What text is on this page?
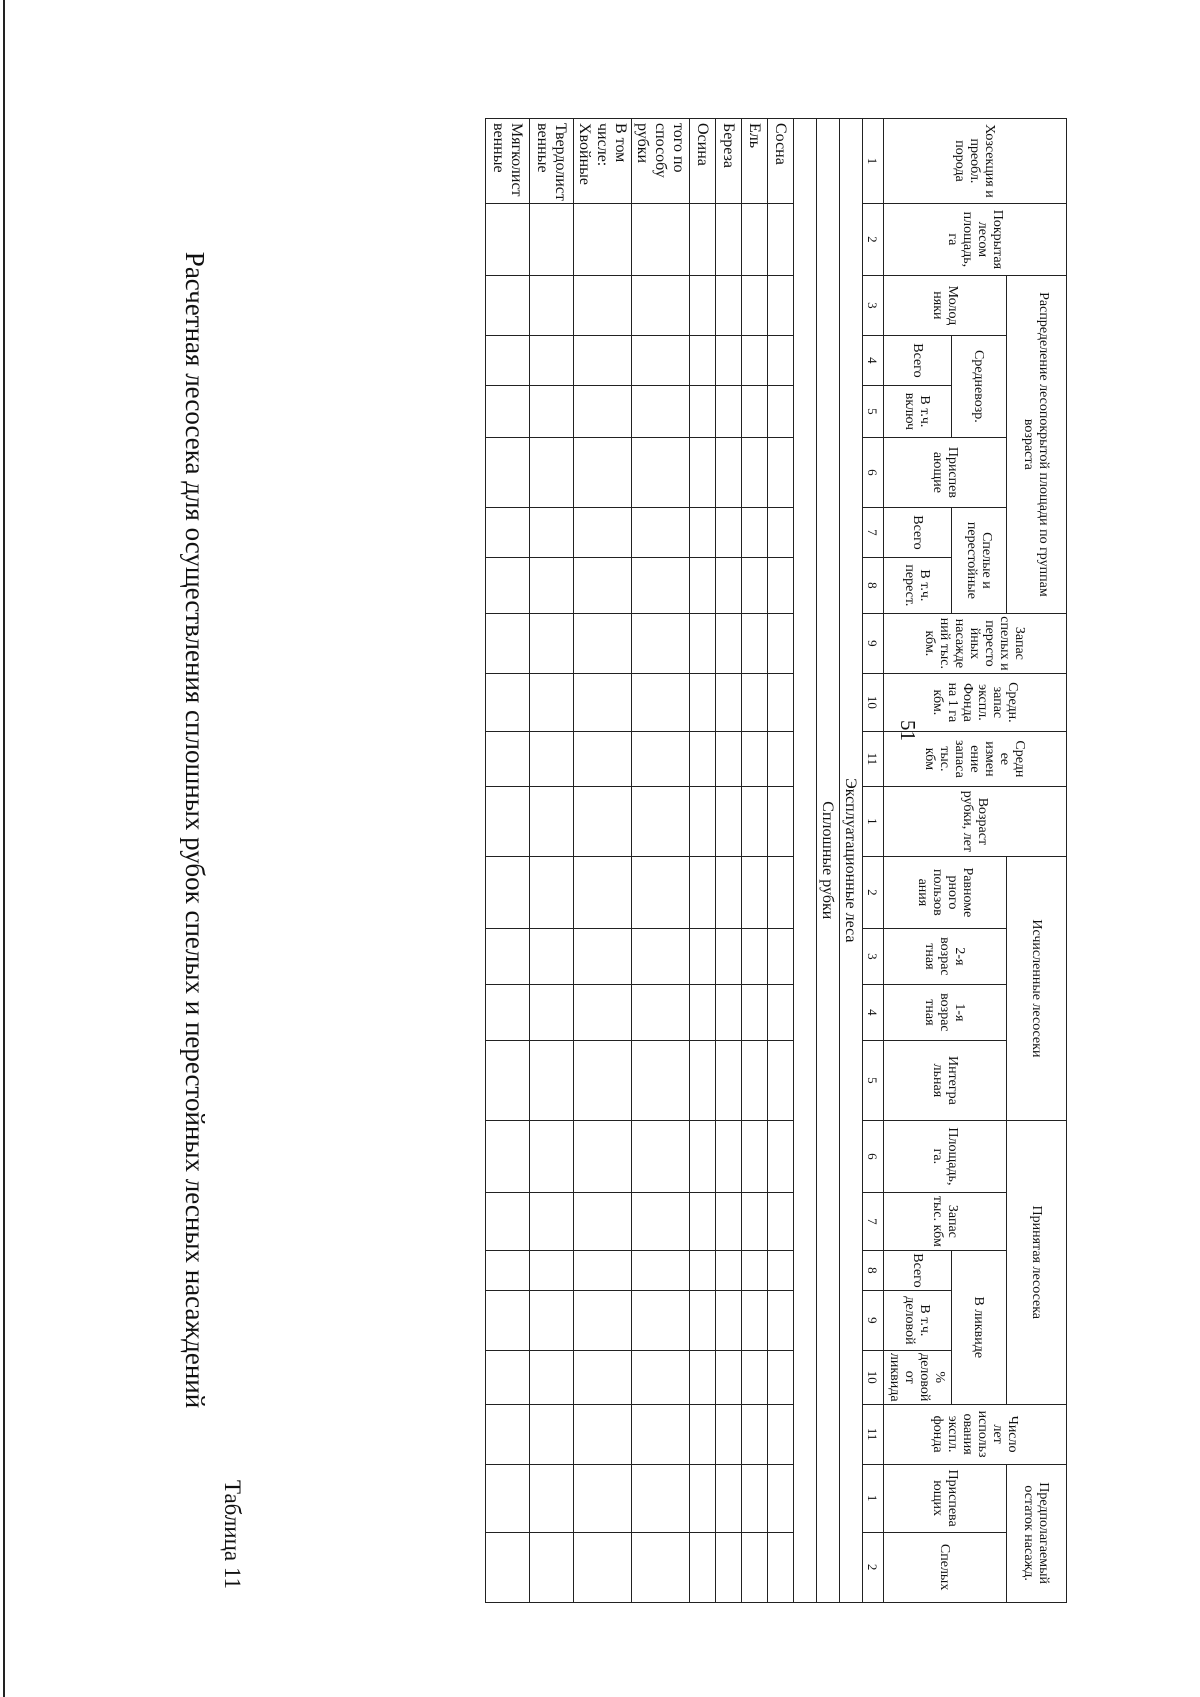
Таблица 11
Расчетная лесосека для осуществления сплошных рубок спелых и перестойных лесных насаждений	51
Хозсекция и преобл. порода	Покрытая лесом площадь, га	Распределение лесопокрытой площади по группам возраста						Запас спелых и пересто йных насажде ний тыс. кбм.	Средн. запас экспл. Фонда на 1 га кбм.	Средн ее измен ение запаса тыс. кбм	Возраст рубки, лет	Исчисленные лесосеки				Принятая лесосека					Число лет использ ования экспл. фонда	Предполагаемый остаток насажд.	
		Молод няки	Средневозр.		Приспев ающие	Спелые и перестойные						Равноме рного пользов ания	2-я возрас тная	1-я возрас тная	Интегра льная	Площадь, га.	Запас тыс. кбм	В ликвиде				Приспева ющих	Спелых
			Всего	В т.ч. включ		Всего	В т.ч. перест.											Всего	В т.ч. деловой	% деловой от ликвида			
1	2	3	4	5	6	7	8	9	10	11	1	2	3	4	5	6	7	8	9	10	11	1	2
Эксплуатационные леса																							
Сплошные рубки																							

Сосна																							
Ель																							
Береза																							
Осина																							
того по способу рубки																							
В том числе: Хвойные																							
Твердолист венные																							
Мягколист венные																							
